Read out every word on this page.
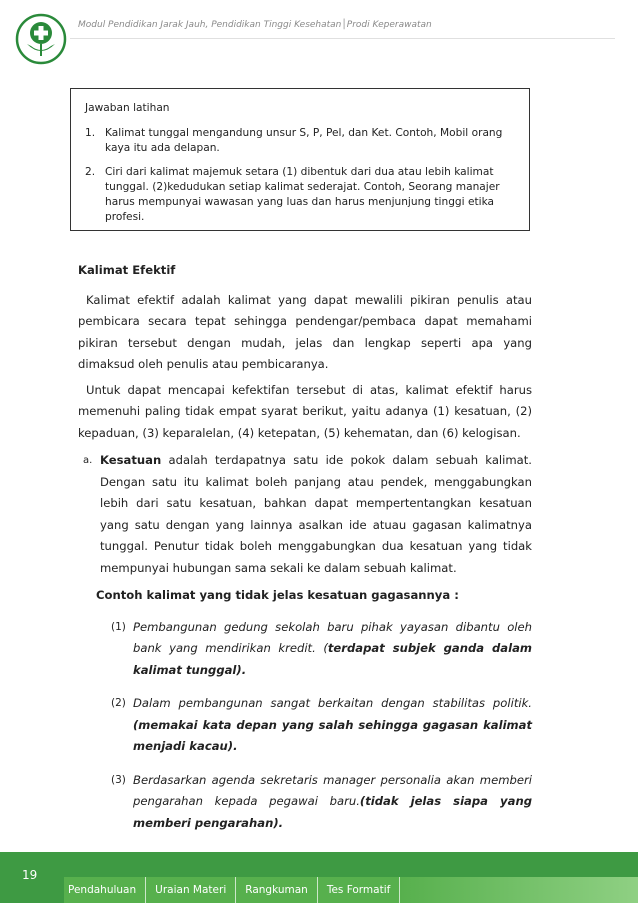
Modul Pendidikan Jarak Jauh, Pendidikan Tinggi Kesehatan│Prodi Keperawatan
Jawaban latihan
1. Kalimat tunggal mengandung unsur S, P, Pel, dan Ket. Contoh, Mobil orang kaya itu ada delapan.
2. Ciri dari kalimat majemuk setara (1) dibentuk dari dua atau lebih kalimat tunggal. (2)kedudukan setiap kalimat sederajat. Contoh, Seorang manajer harus mempunyai wawasan yang luas dan harus menjunjung tinggi etika profesi.

Kalimat Efektif

Kalimat efektif adalah kalimat yang dapat mewalili pikiran penulis atau pembicara secara tepat sehingga pendengar/pembaca dapat memahami pikiran tersebut dengan mudah, jelas dan lengkap seperti apa yang dimaksud oleh penulis atau pembicaranya.

Untuk dapat mencapai kefektifan tersebut di atas, kalimat efektif harus memenuhi paling tidak empat syarat berikut, yaitu adanya (1) kesatuan, (2) kepaduan, (3) keparalelan, (4) ketepatan, (5) kehematan, dan (6) kelogisan.

a. Kesatuan adalah terdapatnya satu ide pokok dalam sebuah kalimat. Dengan satu itu kalimat boleh panjang atau pendek, menggabungkan lebih dari satu kesatuan, bahkan dapat mempertentangkan kesatuan yang satu dengan yang lainnya asalkan ide atuau gagasan kalimatnya tunggal. Penutur tidak boleh menggabungkan dua kesatuan yang tidak mempunyai hubungan sama sekali ke dalam sebuah kalimat.

Contoh kalimat yang tidak jelas kesatuan gagasannya :

(1) Pembangunan gedung sekolah baru pihak yayasan dibantu oleh bank yang mendirikan kredit. (terdapat subjek ganda dalam kalimat tunggal).
(2) Dalam pembangunan sangat berkaitan dengan stabilitas politik. (memakai kata depan yang salah sehingga gagasan kalimat menjadi kacau).
(3) Berdasarkan agenda sekretaris manager personalia akan memberi pengarahan kepada pegawai baru.(tidak jelas siapa yang memberi pengarahan).
19
Pendahuluan	Uraian Materi	Rangkuman	Tes Formatif
